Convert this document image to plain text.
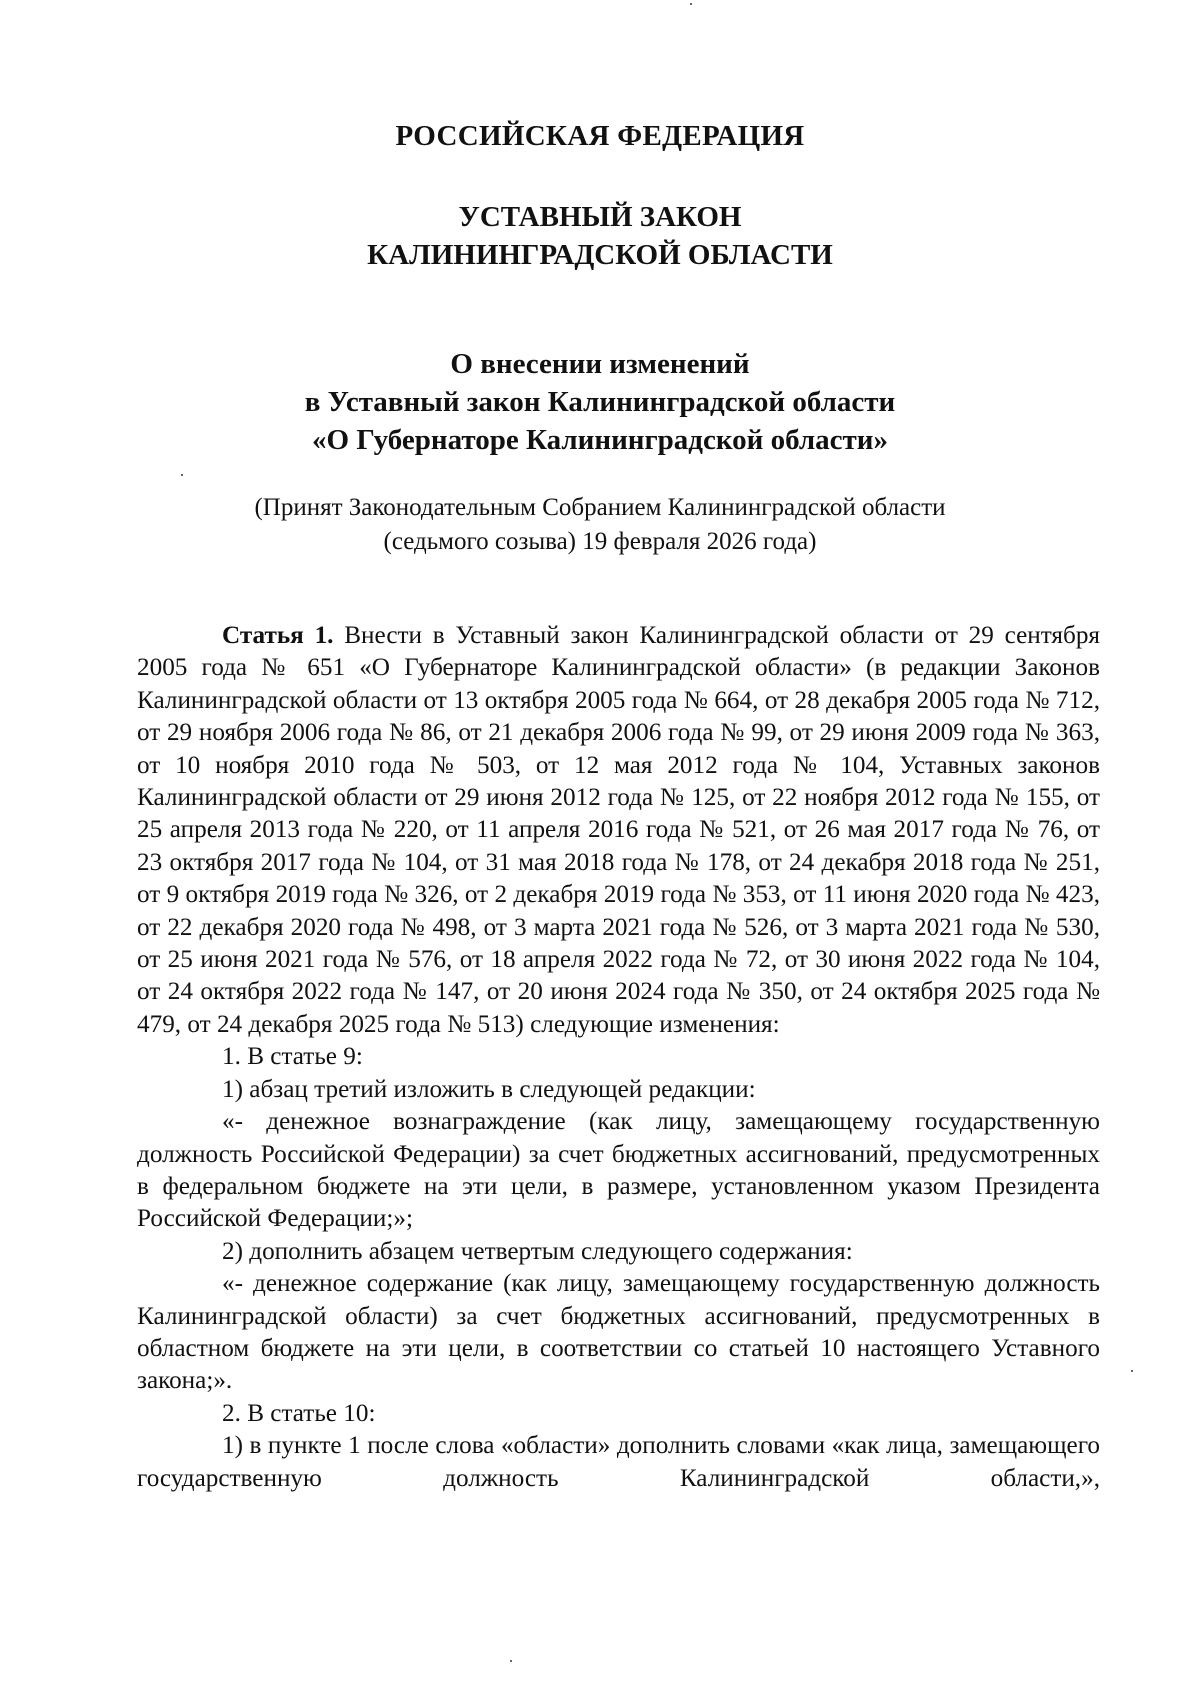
РОССИЙСКАЯ ФЕДЕРАЦИЯ
УСТАВНЫЙ ЗАКОН
КАЛИНИНГРАДСКОЙ ОБЛАСТИ
О внесении изменений
в Уставный закон Калининградской области
«О Губернаторе Калининградской области»
(Принят Законодательным Собранием Калининградской области
(седьмого созыва) 19 февраля 2026 года)

Статья 1. Внести в Уставный закон Калининградской области от 29 сентября 2005 года № 651 «О Губернаторе Калининградской области» (в редакции Законов Калининградской области от 13 октября 2005 года № 664, от 28 декабря 2005 года № 712, от 29 ноября 2006 года № 86, от 21 декабря 2006 года № 99, от 29 июня 2009 года № 363, от 10 ноября 2010 года № 503, от 12 мая 2012 года № 104, Уставных законов Калининградской области от 29 июня 2012 года № 125, от 22 ноября 2012 года № 155, от 25 апреля 2013 года № 220, от 11 апреля 2016 года № 521, от 26 мая 2017 года № 76, от 23 октября 2017 года № 104, от 31 мая 2018 года № 178, от 24 декабря 2018 года № 251, от 9 октября 2019 года № 326, от 2 декабря 2019 года № 353, от 11 июня 2020 года № 423, от 22 декабря 2020 года № 498, от 3 марта 2021 года № 526, от 3 марта 2021 года № 530, от 25 июня 2021 года № 576, от 18 апреля 2022 года № 72, от 30 июня 2022 года № 104, от 24 октября 2022 года № 147, от 20 июня 2024 года № 350, от 24 октября 2025 года № 479, от 24 декабря 2025 года № 513) следующие изменения:

1. В статье 9:

1) абзац третий изложить в следующей редакции:

«- денежное вознаграждение (как лицу, замещающему государственную должность Российской Федерации) за счет бюджетных ассигнований, предусмотренных в федеральном бюджете на эти цели, в размере, установленном указом Президента Российской Федерации;»;

2) дополнить абзацем четвертым следующего содержания:

«- денежное содержание (как лицу, замещающему государственную должность Калининградской области) за счет бюджетных ассигнований, предусмотренных в областном бюджете на эти цели, в соответствии со статьей 10 настоящего Уставного закона;».

2. В статье 10:

1) в пункте 1 после слова «области» дополнить словами «как лица, замещающего государственную должность Калининградской области,»,
